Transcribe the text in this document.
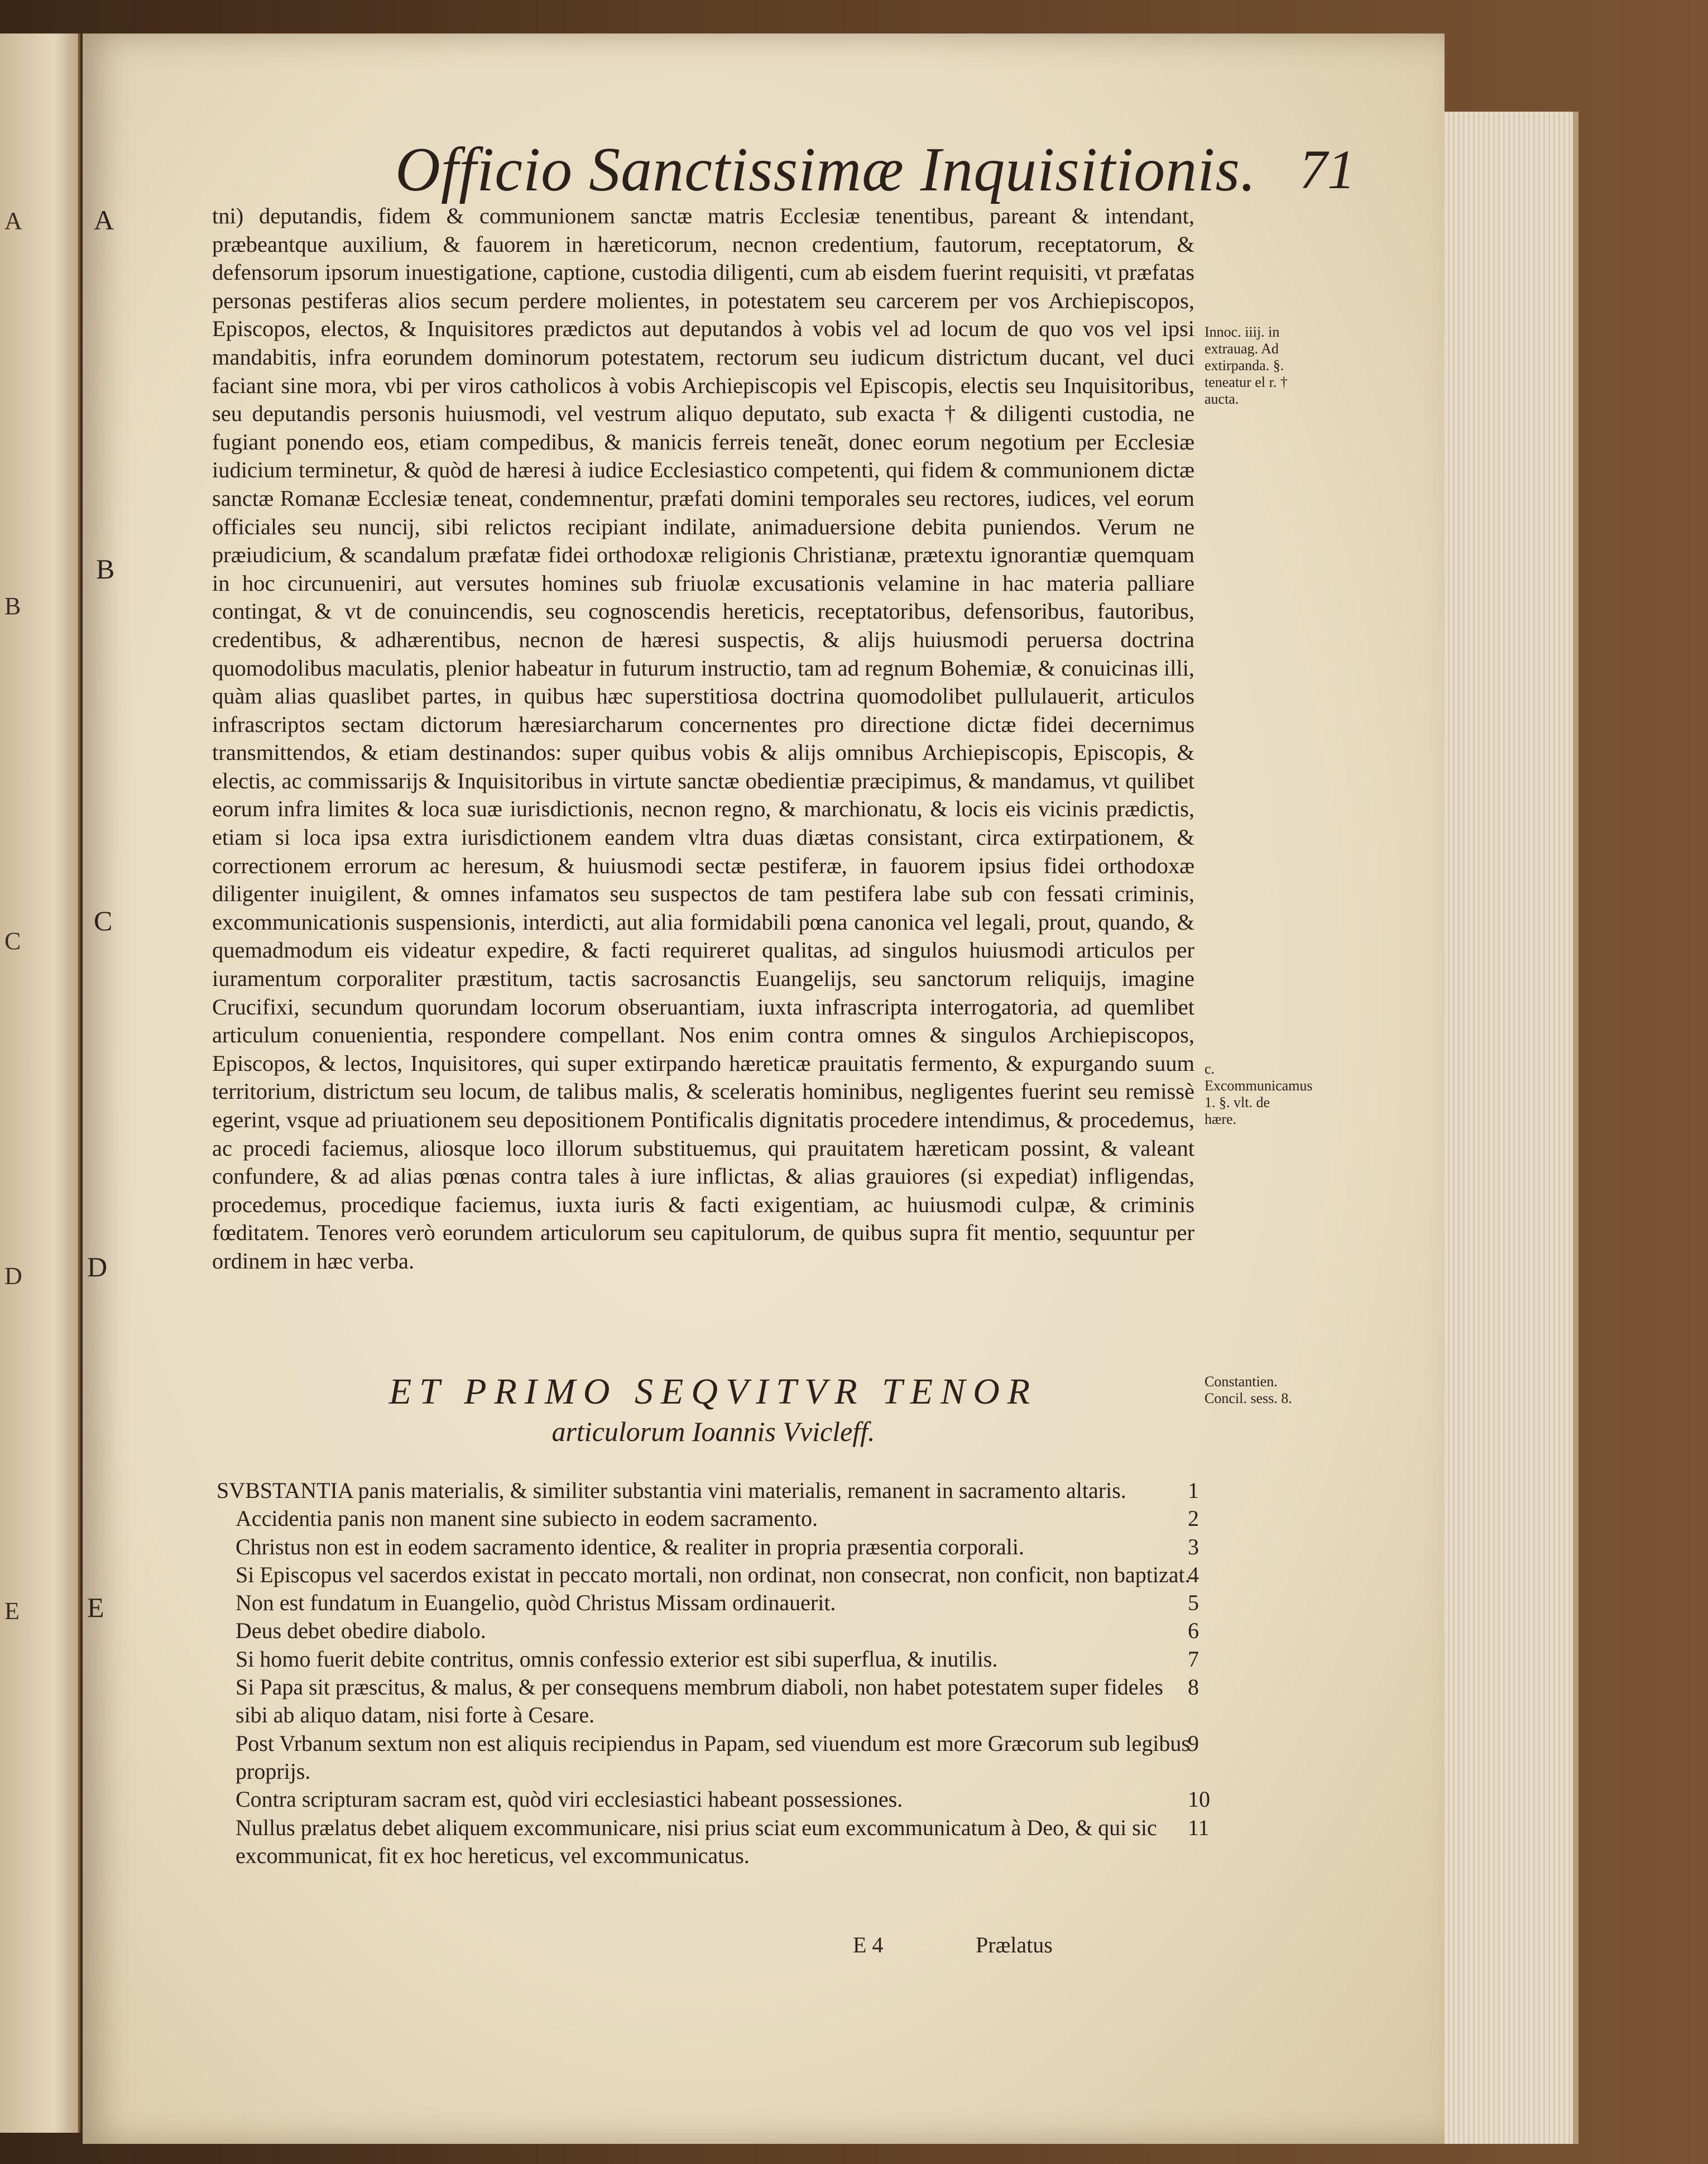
A
B
C
D
E
Officio Sanctissimæ Inquisitionis. 71
A
B
C
D
E

tni) deputandis, fidem & communionem sanctæ matris Ecclesiæ tenentibus, pareant & intendant, præbeantque auxilium, & fauorem in hæreticorum, necnon credentium, fautorum, receptatorum, & defensorum ipsorum inuestigatione, captione, custodia diligenti, cum ab eisdem fuerint requisiti, vt præfatas personas pestiferas alios secum perdere molientes, in potestatem seu carcerem per vos Archiepiscopos, Episcopos, electos, & Inquisitores prædictos aut deputandos à vobis vel ad locum de quo vos vel ipsi mandabitis, infra eorundem dominorum potestatem, rectorum seu iudicum districtum ducant, vel duci faciant sine mora, vbi per viros catholicos à vobis Archiepiscopis vel Episcopis, electis seu Inquisitoribus, seu deputandis personis huiusmodi, vel vestrum aliquo deputato, sub exacta † & diligenti custodia, ne fugiant ponendo eos, etiam compedibus, & manicis ferreis teneãt, donec eorum negotium per Ecclesiæ iudicium terminetur, & quòd de hæresi à iudice Ecclesiastico competenti, qui fidem & communionem dictæ sanctæ Romanæ Ecclesiæ teneat, condemnentur, præfati domini temporales seu rectores, iudices, vel eorum officiales seu nuncij, sibi relictos recipiant indilate, animaduersione debita puniendos. Verum ne præiudicium, & scandalum præfatæ fidei orthodoxæ religionis Christianæ, prætextu ignorantiæ quemquam in hoc circunueniri, aut versutes homines sub friuolæ excusationis velamine in hac materia palliare contingat, & vt de conuincendis, seu cognoscendis hereticis, receptatoribus, defensoribus, fautoribus, credentibus, & adhærentibus, necnon de hæresi suspectis, & alijs huiusmodi peruersa doctrina quomodolibus maculatis, plenior habeatur in futurum instructio, tam ad regnum Bohemiæ, & conuicinas illi, quàm alias quaslibet partes, in quibus hæc superstitiosa doctrina quomodolibet pullulauerit, articulos infrascriptos sectam dictorum hæresiarcharum concernentes pro directione dictæ fidei decernimus transmittendos, & etiam destinandos: super quibus vobis & alijs omnibus Archiepiscopis, Episcopis, & electis, ac commissarijs & Inquisitoribus in virtute sanctæ obedientiæ præcipimus, & mandamus, vt quilibet eorum infra limites & loca suæ iurisdictionis, necnon regno, & marchionatu, & locis eis vicinis prædictis, etiam si loca ipsa extra iurisdictionem eandem vltra duas diætas consistant, circa extirpationem, & correctionem errorum ac heresum, & huiusmodi sectæ pestiferæ, in fauorem ipsius fidei orthodoxæ diligenter inuigilent, & omnes infamatos seu suspectos de tam pestifera labe sub con fessati criminis, excommunicationis suspensionis, interdicti, aut alia formidabili pœna canonica vel legali, prout, quando, & quemadmodum eis videatur expedire, & facti requireret qualitas, ad singulos huiusmodi articulos per iuramentum corporaliter præstitum, tactis sacrosanctis Euangelijs, seu sanctorum reliquijs, imagine Crucifixi, secundum quorundam locorum obseruantiam, iuxta infrascripta interrogatoria, ad quemlibet articulum conuenientia, respondere compellant. Nos enim contra omnes & singulos Archiepiscopos, Episcopos, & lectos, Inquisitores, qui super extirpando hæreticæ prauitatis fermento, & expurgando suum territorium, districtum seu locum, de talibus malis, & sceleratis hominibus, negligentes fuerint seu remissè egerint, vsque ad priuationem seu depositionem Pontificalis dignitatis procedere intendimus, & procedemus, ac procedi faciemus, aliosque loco illorum substituemus, qui prauitatem hæreticam possint, & valeant confundere, & ad alias pœnas contra tales à iure inflictas, & alias grauiores (si expediat) infligendas, procedemus, procedique faciemus, iuxta iuris & facti exigentiam, ac huiusmodi culpæ, & criminis fœditatem. Tenores verò eorundem articulorum seu capitulorum, de quibus supra fit mentio, sequuntur per ordinem in hæc verba.

Innoc. iiij. in extrauag. Ad extirpanda. §. teneatur el r. † aucta.
c. Excommunicamus 1. §. vlt. de hære.
Constantien. Concil. sess. 8.
ET PRIMO SEQVITVR TENOR
articulorum Ioannis Vvicleff.
SVBSTANTIA panis materialis, & similiter substantia vini materialis, remanent in sacramento altaris.	1
Accidentia panis non manent sine subiecto in eodem sacramento.	2
Christus non est in eodem sacramento identice, & realiter in propria præsentia corporali.	3
Si Episcopus vel sacerdos existat in peccato mortali, non ordinat, non consecrat, non conficit, non baptizat.
4
Non est fundatum in Euangelio, quòd Christus Missam ordinauerit.	5
Deus debet obedire diabolo.	6
Si homo fuerit debite contritus, omnis confessio exterior est sibi superflua, & inutilis.	7
Si Papa sit præscitus, & malus, & per consequens membrum diaboli, non habet potestatem super fideles sibi ab aliquo datam, nisi forte à Cesare.
8
Post Vrbanum sextum non est aliquis recipiendus in Papam, sed viuendum est more Græcorum sub legibus proprijs.
9
Contra scripturam sacram est, quòd viri ecclesiastici habeant possessiones.	10
Nullus prælatus debet aliquem excommunicare, nisi prius sciat eum excommunicatum à Deo, & qui sic excommunicat, fit ex hoc hereticus, vel excommunicatus.
11
E 4	Prælatus
